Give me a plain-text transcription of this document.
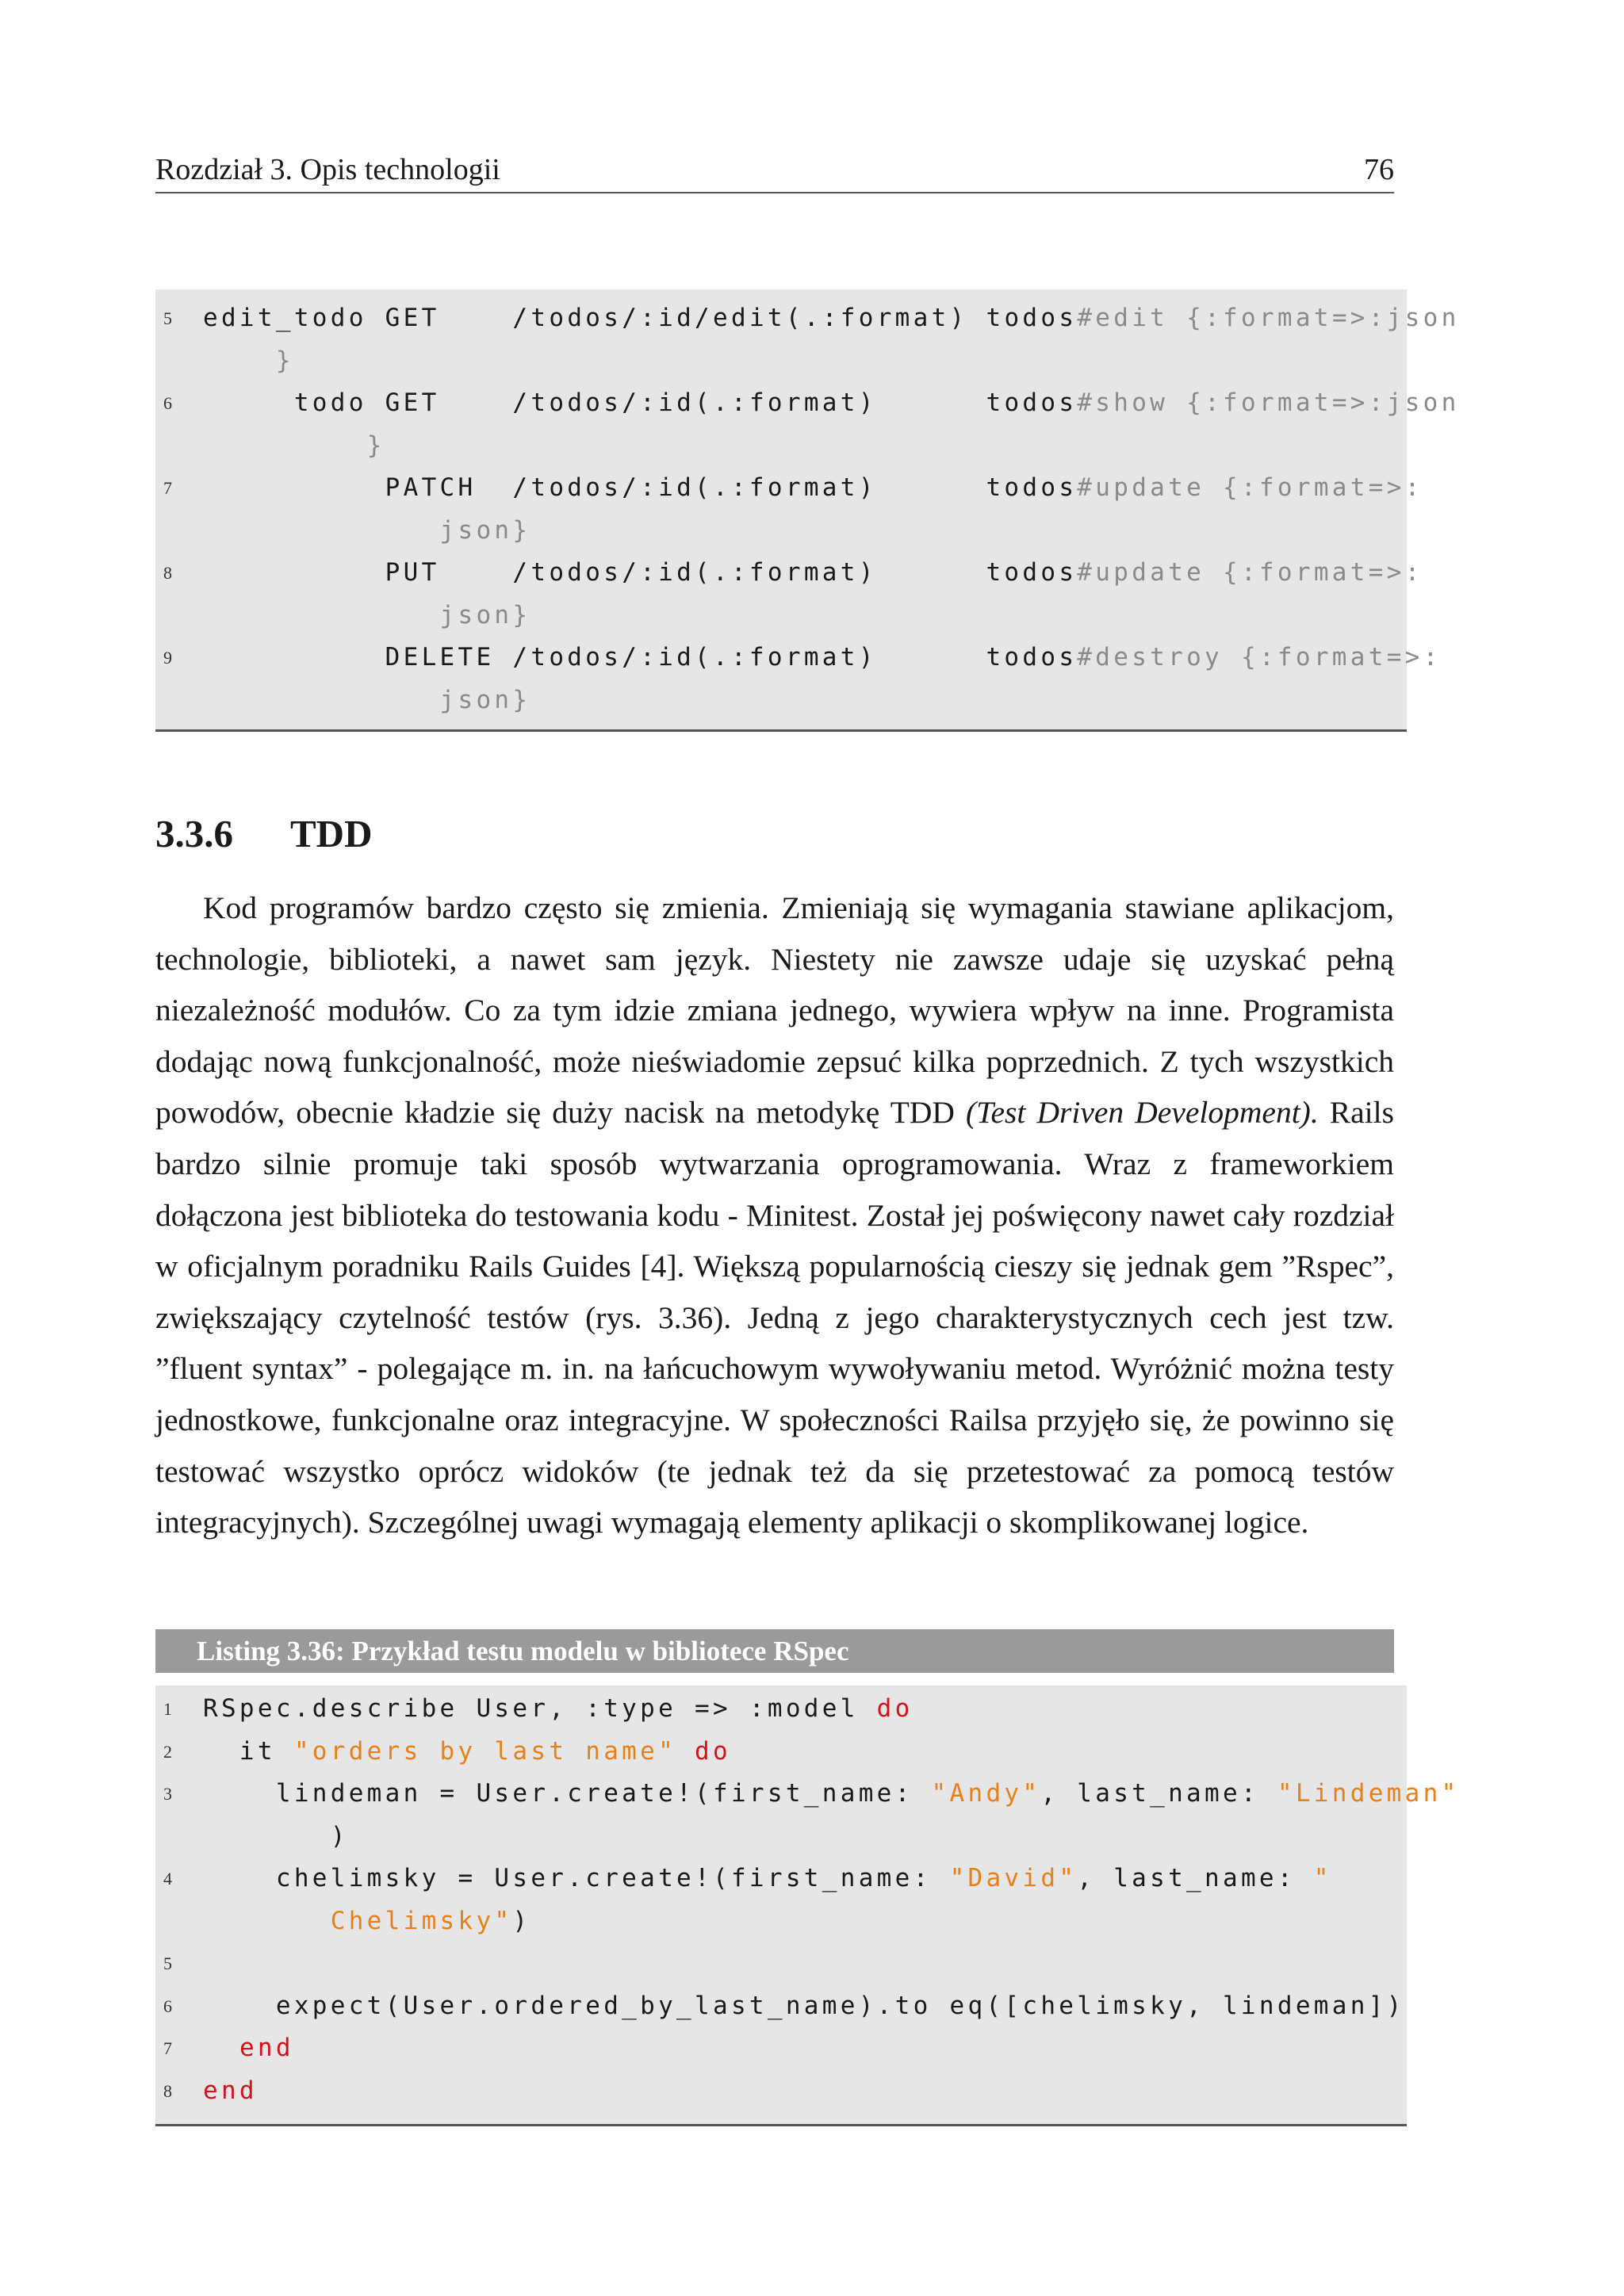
Rozdział 3. Opis technologii	76

5

edit_todo GET    /todos/:id/edit(.:format) todos#edit {:format=>:json

}

6

	todo GET    /todos/:id(.:format)      todos#show {:format=>:json

}

7

	PATCH  /todos/:id(.:format)      todos#update {:format=>:

json}

8

	PUT    /todos/:id(.:format)      todos#update {:format=>:

json}

9

	DELETE /todos/:id(.:format)      todos#destroy {:format=>:

json}

3.3.6 TDD

Kod programów bardzo często się zmienia. Zmieniają się wymagania stawiane aplikacjom, technologie, biblioteki, a nawet sam język. Niestety nie zawsze udaje się uzyskać pełną niezależność modułów. Co za tym idzie zmiana jednego, wywiera wpływ na inne. Programista dodając nową funkcjonalność, może nieświadomie zepsuć kilka poprzednich. Z tych wszystkich powodów, obecnie kładzie się duży nacisk na metodykę TDD (Test Driven Development). Rails bardzo silnie promuje taki sposób wytwarzania oprogramowania. Wraz z frameworkiem dołączona jest biblioteka do testowania kodu - Minitest. Został jej poświęcony nawet cały rozdział w oficjalnym poradniku Rails Guides [4]. Większą popularnością cieszy się jednak gem ”Rspec”, zwiększający czytelność testów (rys. 3.36). Jedną z jego charakterystycznych cech jest tzw. ”fluent syntax” - polegające m. in. na łańcuchowym wywoływaniu metod. Wyróżnić można testy jednostkowe, funkcjonalne oraz integracyjne. W społeczności Railsa przyjęło się, że powinno się testować wszystko oprócz widoków (te jednak też da się przetestować za pomocą testów integracyjnych). Szczególnej uwagi wymagają elementy aplikacji o skomplikowanej logice.

Listing 3.36: Przykład testu modelu w bibliotece RSpec

1

RSpec.describe User, :type => :model do

2

it "orders by last name" do

3

lindeman = User.create!(first_name: "Andy", last_name: "Lindeman"

)

4

chelimsky = User.create!(first_name: "David", last_name: "

Chelimsky")

5

6

expect(User.ordered_by_last_name).to eq([chelimsky, lindeman])

7

	end

8

end
